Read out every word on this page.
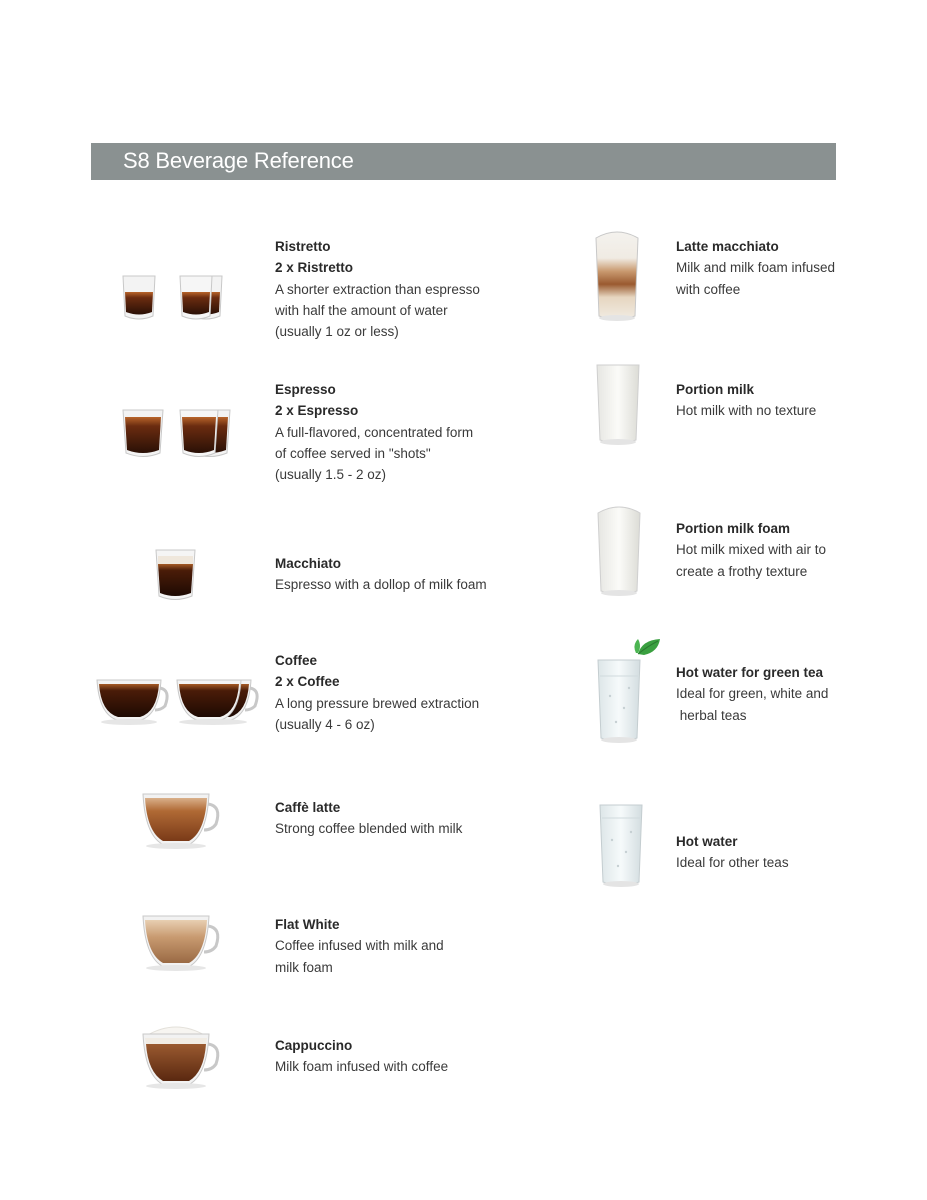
S8 Beverage Reference
Ristretto
2 x Ristretto
A shorter extraction than espresso
with half the amount of water
(usually 1 oz or less)
Espresso
2 x Espresso
A full-flavored, concentrated form
of coffee served in "shots"
(usually 1.5 - 2 oz)
Macchiato
Espresso with a dollop of milk foam
Coffee
2 x Coffee
A long pressure brewed extraction
(usually 4 - 6 oz)
Caffè latte
Strong coffee blended with milk
Flat White
Coffee infused with milk and
milk foam
Cappuccino
Milk foam infused with coffee
Latte macchiato
Milk and milk foam infused
with coffee
Portion milk
Hot milk with no texture
Portion milk foam
Hot milk mixed with air to
create a frothy texture
Hot water for green tea
Ideal for green, white and
herbal teas
Hot water
Ideal for other teas
